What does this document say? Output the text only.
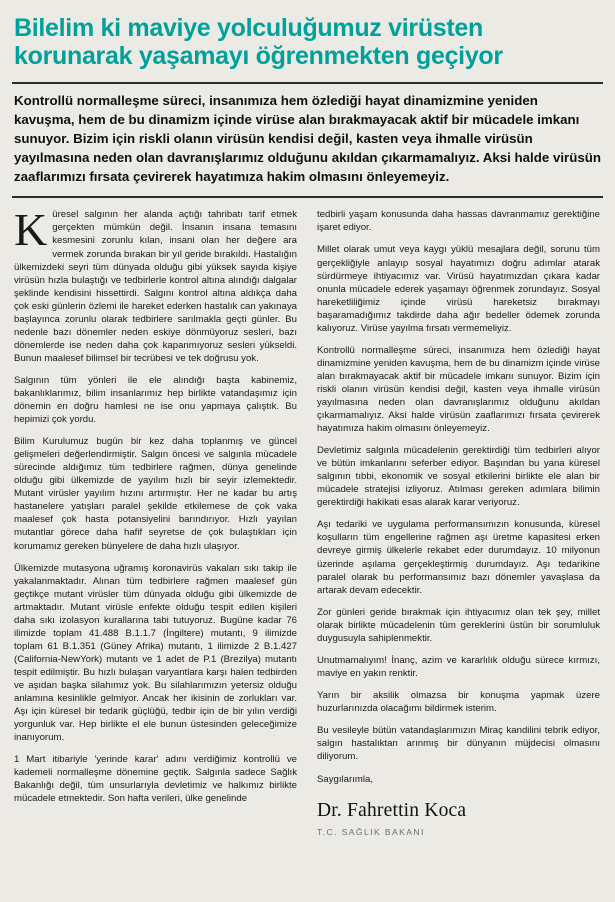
Bilelim ki maviye yolculuğumuz virüsten
korunarak yaşamayı öğrenmekten geçiyor
Kontrollü normalleşme süreci, insanımıza hem özlediği hayat dinamizmine yeniden kavuşma, hem de bu dinamizm içinde virüse alan bırakmayacak aktif bir mücadele imkanı sunuyor. Bizim için riskli olanın virüsün kendisi değil, kasten veya ihmalle virüsün yayılmasına neden olan davranışlarımız olduğunu akıldan çıkarmamalıyız. Aksi halde virüsün zaaflarımızı fırsata çevirerek hayatımıza hakim olmasını önleyemeyiz.

Küresel salgının her alanda açtığı tahribatı tarif etmek gerçekten mümkün değil. İnsanın insana temasını kesmesini zorunlu kılan, insani olan her değere ara vermek zorunda bırakan bir yıl geride bırakıldı. Hastalığın ülkemizdeki seyri tüm dünyada olduğu gibi yüksek sayıda kişiye virüsün hızla bulaştığı ve tedbirlerle kontrol altına alındığı dalgalar şeklinde kendisini hissettirdi. Salgını kontrol altına aldıkça daha çok eski günlerin özlemi ile hareket ederken hastalık can yakınaya başlayınca zorunlu olarak tedbirlere sarılmakla geçti günler. Bu nedenle bazı dönemler neden eskiye dönmüyoruz sesleri, bazı dönemlerde ise neden daha çok kapanmıyoruz sesleri yükseldi. Bunun maalesef bilimsel bir tecrübesi ve tek doğrusu yok.

Salgının tüm yönleri ile ele alındığı başta kabinemiz, bakanlıklarımız, bilim insanlarımız hep birlikte vatandaşımız için dönemin en doğru hamlesi ne ise onu yapmaya çalıştık. Bu hepimizi çok yordu.

Bilim Kurulumuz bugün bir kez daha toplanmış ve güncel gelişmeleri değerlendirmiştir. Salgın öncesi ve salgınla mücadele sürecinde aldığımız tüm tedbirlere rağmen, dünya genelinde olduğu gibi ülkemizde de yayılım hızlı bir seyir izlemektedir. Mutant virüsler yayılım hızını artırmıştır. Her ne kadar bu artış hastanelere yatışları paralel şekilde etkilemese de çok vaka maalesef çok hasta potansiyelini barındırıyor. Hızlı yayılan mutantlar görece daha hafif seyretse de çok bulaştıkları için korumamız gereken bünyelere de daha hızlı ulaşıyor.

Ülkemizde mutasyona uğramış koronavirüs vakaları sıkı takip ile yakalanmaktadır. Alınan tüm tedbirlere rağmen maalesef gün geçtikçe mutant virüsler tüm dünyada olduğu gibi ülkemizde de artmaktadır. Mutant virüsle enfekte olduğu tespit edilen kişileri daha sıkı izolasyon kurallarına tabi tutuyoruz. Bugüne kadar 76 ilimizde toplam 41.488 B.1.1.7 (İngiltere) mutantı, 9 ilimizde toplam 61 B.1.351 (Güney Afrika) mutantı, 1 ilimizde 2 B.1.427 (California-NewYork) mutantı ve 1 adet de P.1 (Brezilya) mutantı tespit edilmiştir. Bu hızlı bulaşan varyantlara karşı halen tedbirden ve aşıdan başka silahımız yok. Bu silahlarımızın yetersiz olduğu anlamına kesinlikle gelmiyor. Ancak her ikisinin de zorlukları var. Aşı için küresel bir tedarik güçlüğü, tedbir için de bir yılın verdiği yorgunluk var. Hep birlikte el ele bunun üstesinden geleceğimize inanıyorum.

1 Mart itibariyle 'yerinde karar' adını verdiğimiz kontrollü ve kademeli normalleşme dönemine geçtik. Salgınla sadece Sağlık Bakanlığı değil, tüm unsurlarıyla devletimiz ve halkımız birlikte mücadele etmektedir. Son hafta verileri, ülke genelinde

tedbirli yaşam konusunda daha hassas davranmamız gerektiğine işaret ediyor.

Millet olarak umut veya kaygı yüklü mesajlara değil, sorunu tüm gerçekliğiyle anlayıp sosyal hayatımızı doğru adımlar atarak sürdürmeye ihtiyacımız var. Virüsü hayatımızdan çıkara kadar onunla mücadele ederek yaşamayı öğrenmek zorundayız. Sosyal hareketliliğimiz içinde virüsü hareketsiz bırakmayı başaramadığımız takdirde daha ağır bedeller ödemek zorunda kalıyoruz. Virüse yayılma fırsatı vermemeliyiz.

Kontrollü normalleşme süreci, insanımıza hem özlediği hayat dinamizmine yeniden kavuşma, hem de bu dinamizm içinde virüse alan bırakmayacak aktif bir mücadele imkanı sunuyor. Bizim için riskli olanın virüsün kendisi değil, kasten veya ihmalle virüsün yayılmasına neden olan davranışlarımız olduğunu akıldan çıkarmamalıyız. Aksi halde virüsün zaaflarımızı fırsata çevirerek hayatımıza hakim olmasını önleyemeyiz.

Devletimiz salgınla mücadelenin gerektirdiği tüm tedbirleri alıyor ve bütün imkanlarını seferber ediyor. Başından bu yana küresel salgının tıbbi, ekonomik ve sosyal etkilerini birlikte ele alan bir mücadele stratejisi izliyoruz. Atılması gereken adımlara bilimin gerektirdiği hakikati esas alarak karar veriyoruz.

Aşı tedariki ve uygulama performansımızın konusunda, küresel koşulların tüm engellerine rağmen aşı üretme kapasitesi erken devreye girmiş ülkelerle rekabet eder durumdayız. 10 milyonun üzerinde aşılama gerçekleştirmiş durumdayız. Aşı tedarikine paralel olarak bu performansımız bazı dönemler yavaşlasa da artarak devam edecektir.

Zor günleri geride bırakmak için ihtiyacımız olan tek şey, millet olarak birlikte mücadelenin tüm gereklerini üstün bir sorumluluk duygusuyla sahiplenmektir.

Unutmamalıyım! İnanç, azim ve kararlılık olduğu sürece kırmızı, maviye en yakın renktir.

Yarın bir aksilik olmazsa bir konuşma yapmak üzere huzurlarınızda olacağımı bildirmek isterim.

Bu vesileyle bütün vatandaşlarımızın Miraç kandilini tebrik ediyor, salgın hastalıktan arınmış bir dünyanın müjdecisi olmasını diliyorum.

Saygılarımla,
Dr. Fahrettin Koca
T.C. SAĞLIK BAKANI
